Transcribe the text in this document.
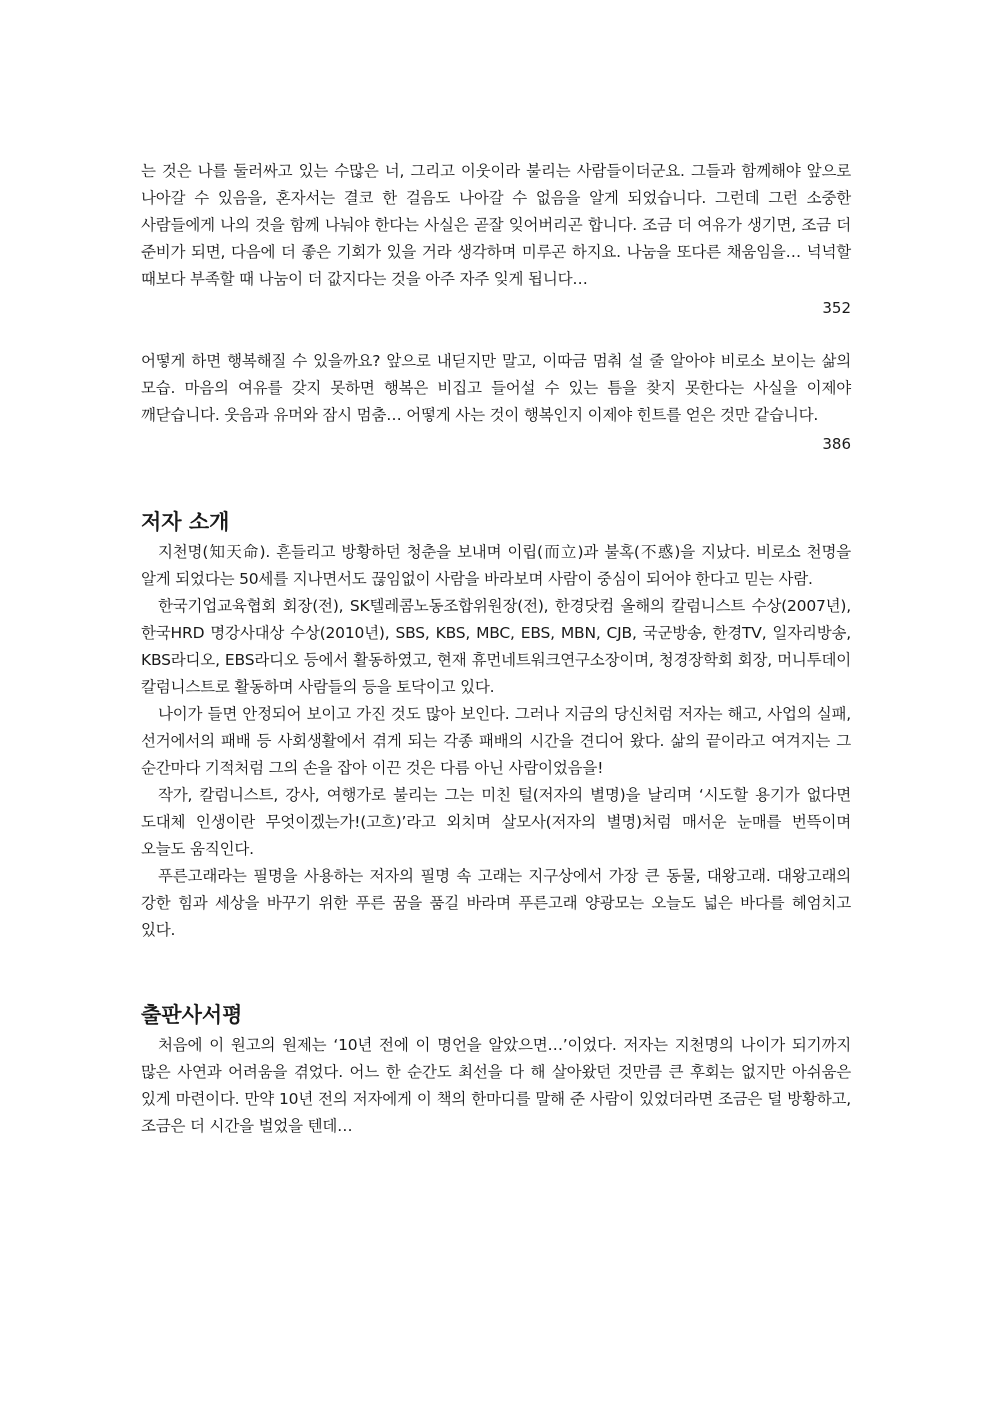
는 것은 나를 둘러싸고 있는 수많은 너, 그리고 이웃이라 불리는 사람들이더군요. 그들과 함께해야 앞으로 나아갈 수 있음을, 혼자서는 결코 한 걸음도 나아갈 수 없음을 알게 되었습니다. 그런데 그런 소중한 사람들에게 나의 것을 함께 나눠야 한다는 사실은 곧잘 잊어버리곤 합니다. 조금 더 여유가 생기면, 조금 더 준비가 되면, 다음에 더 좋은 기회가 있을 거라 생각하며 미루곤 하지요. 나눔을 또다른 채움임을… 넉넉할 때보다 부족할 때 나눔이 더 값지다는 것을 아주 자주 잊게 됩니다…

352

어떻게 하면 행복해질 수 있을까요? 앞으로 내딛지만 말고, 이따금 멈춰 설 줄 알아야 비로소 보이는 삶의 모습. 마음의 여유를 갖지 못하면 행복은 비집고 들어설 수 있는 틈을 찾지 못한다는 사실을 이제야 깨닫습니다. 웃음과 유머와 잠시 멈춤… 어떻게 사는 것이 행복인지 이제야 힌트를 얻은 것만 같습니다.

386

저자 소개

지천명(知天命). 흔들리고 방황하던 청춘을 보내며 이립(而立)과 불혹(不惑)을 지났다. 비로소 천명을 알게 되었다는 50세를 지나면서도 끊임없이 사람을 바라보며 사람이 중심이 되어야 한다고 믿는 사람.

한국기업교육협회 회장(전), SK텔레콤노동조합위원장(전), 한경닷컴 올해의 칼럼니스트 수상(2007년), 한국HRD 명강사대상 수상(2010년), SBS, KBS, MBC, EBS, MBN, CJB, 국군방송, 한경TV, 일자리방송, KBS라디오, EBS라디오 등에서 활동하였고, 현재 휴먼네트워크연구소장이며, 청경장학회 회장, 머니투데이 칼럼니스트로 활동하며 사람들의 등을 토닥이고 있다.

나이가 들면 안정되어 보이고 가진 것도 많아 보인다. 그러나 지금의 당신처럼 저자는 해고, 사업의 실패, 선거에서의 패배 등 사회생활에서 겪게 되는 각종 패배의 시간을 견디어 왔다. 삶의 끝이라고 여겨지는 그 순간마다 기적처럼 그의 손을 잡아 이끈 것은 다름 아닌 사람이었음을!

작가, 칼럼니스트, 강사, 여행가로 불리는 그는 미친 털(저자의 별명)을 날리며 ‘시도할 용기가 없다면 도대체 인생이란 무엇이겠는가!(고흐)’라고 외치며 살모사(저자의 별명)처럼 매서운 눈매를 번뜩이며 오늘도 움직인다.

푸른고래라는 필명을 사용하는 저자의 필명 속 고래는 지구상에서 가장 큰 동물, 대왕고래. 대왕고래의 강한 힘과 세상을 바꾸기 위한 푸른 꿈을 품길 바라며 푸른고래 양광모는 오늘도 넓은 바다를 헤엄치고 있다.

출판사서평

처음에 이 원고의 원제는 ‘10년 전에 이 명언을 알았으면…’이었다. 저자는 지천명의 나이가 되기까지 많은 사연과 어려움을 겪었다. 어느 한 순간도 최선을 다 해 살아왔던 것만큼 큰 후회는 없지만 아쉬움은 있게 마련이다. 만약 10년 전의 저자에게 이 책의 한마디를 말해 준 사람이 있었더라면 조금은 덜 방황하고, 조금은 더 시간을 벌었을 텐데…
